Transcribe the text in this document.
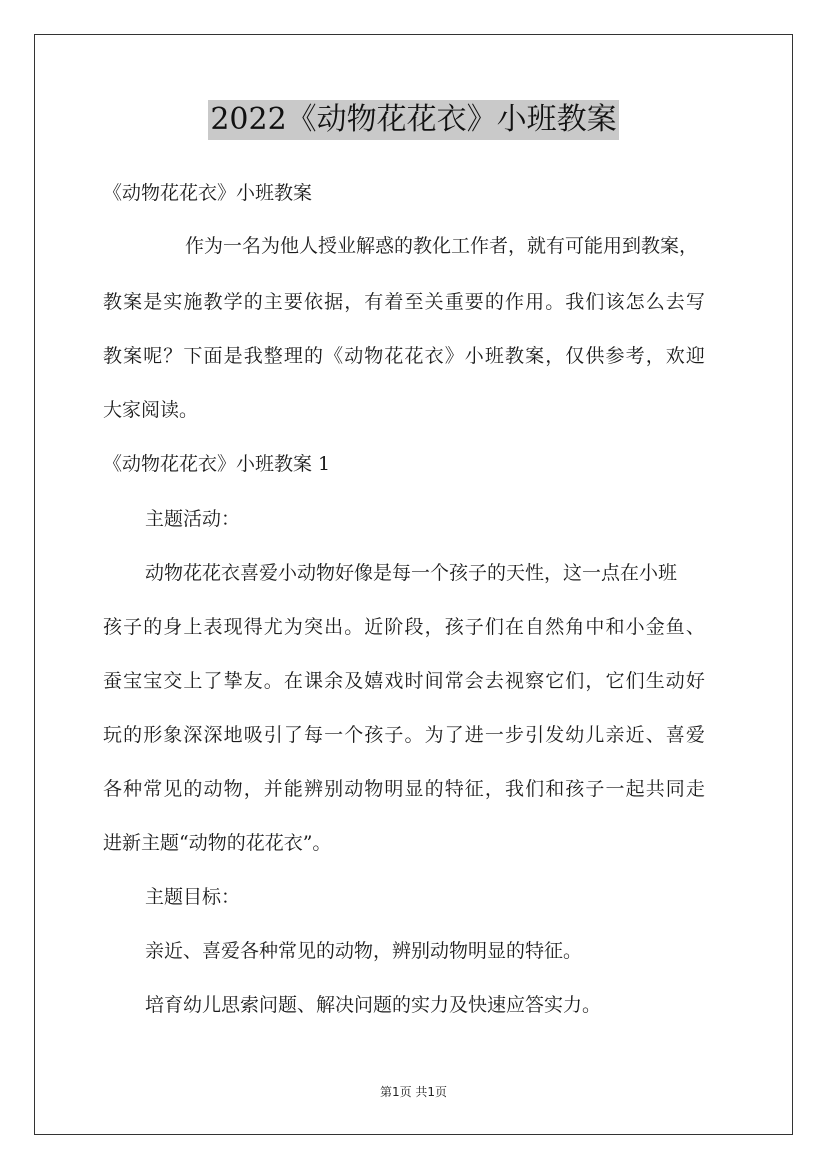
2022《动物花花衣》小班教案
《动物花花衣》小班教案
作为一名为他人授业解惑的教化工作者，就有可能用到教案，
教案是实施教学的主要依据，有着至关重要的作用。我们该怎么去写
教案呢？下面是我整理的《动物花花衣》小班教案，仅供参考，欢迎
大家阅读。
《动物花花衣》小班教案 1
主题活动：
动物花花衣喜爱小动物好像是每一个孩子的天性，这一点在小班
孩子的身上表现得尤为突出。近阶段，孩子们在自然角中和小金鱼、
蚕宝宝交上了挚友。在课余及嬉戏时间常会去视察它们，它们生动好
玩的形象深深地吸引了每一个孩子。为了进一步引发幼儿亲近、喜爱
各种常见的动物，并能辨别动物明显的特征，我们和孩子一起共同走
进新主题“动物的花花衣”。
主题目标：
亲近、喜爱各种常见的动物，辨别动物明显的特征。
培育幼儿思索问题、解决问题的实力及快速应答实力。
第1页 共1页
